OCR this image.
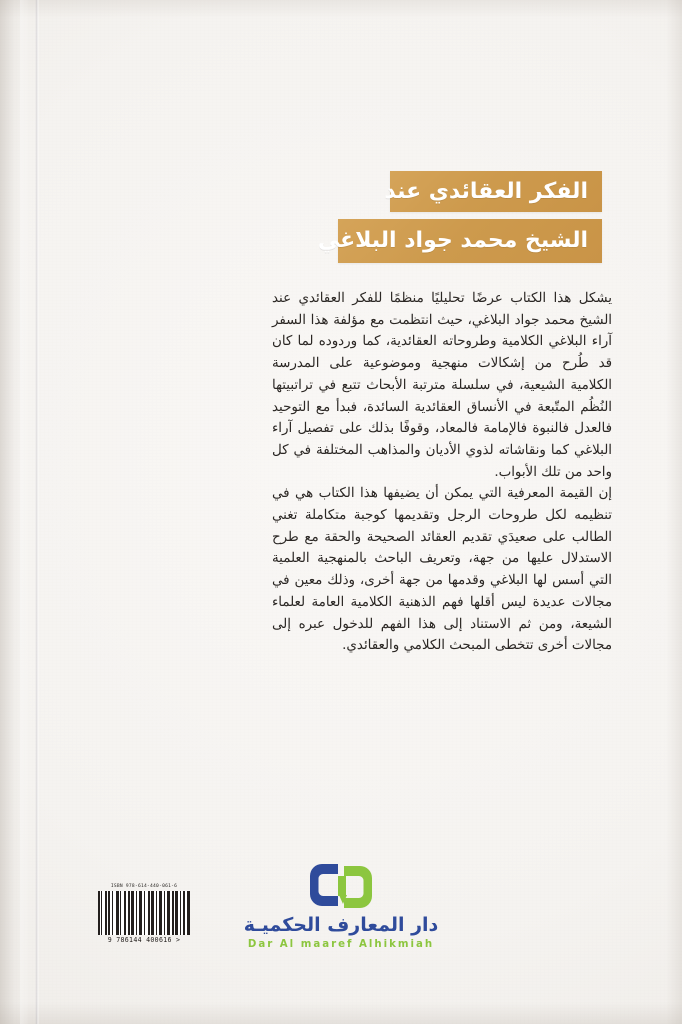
الفكر العقائدي عند
الشيخ محمد جواد البلاغي

يشكل هذا الكتاب عرضًا تحليليًا منظمًا للفكر العقائدي عند الشيخ محمد جواد البلاغي، حيث انتظمت مع مؤلفة هذا السفر آراء البلاغي الكلامية وطروحاته العقائدية، كما وردوده لما كان قد طُرح من إشكالات منهجية وموضوعية على المدرسة الكلامية الشيعية، في سلسلة مترتبة الأبحاث تتبع في تراتبيتها النُظُم المتّبعة في الأنساق العقائدية السائدة، فبدأ مع التوحيد فالعدل فالنبوة فالإمامة فالمعاد، وقوفًا بذلك على تفصيل آراء البلاغي كما ونقاشاته لذوي الأديان والمذاهب المختلفة في كل واحد من تلك الأبواب.

إن القيمة المعرفية التي يمكن أن يضيفها هذا الكتاب هي في تنظيمه لكل طروحات الرجل وتقديمها كوجبة متكاملة تغني الطالب على صعيدَي تقديم العقائد الصحيحة والحقة مع طرح الاستدلال عليها من جهة، وتعريف الباحث بالمنهجية العلمية التي أسس لها البلاغي وقدمها من جهة أخرى، وذلك معين في مجالات عديدة ليس أقلها فهم الذهنية الكلامية العامة لعلماء الشيعة، ومن ثم الاستناد إلى هذا الفهم للدخول عبره إلى مجالات أخرى تتخطى المبحث الكلامي والعقائدي.

ISBN 978-614-440-061-6
9 786144 400616 >
دار المعارف الحكميـة
Dar Al maaref Alhikmiah
